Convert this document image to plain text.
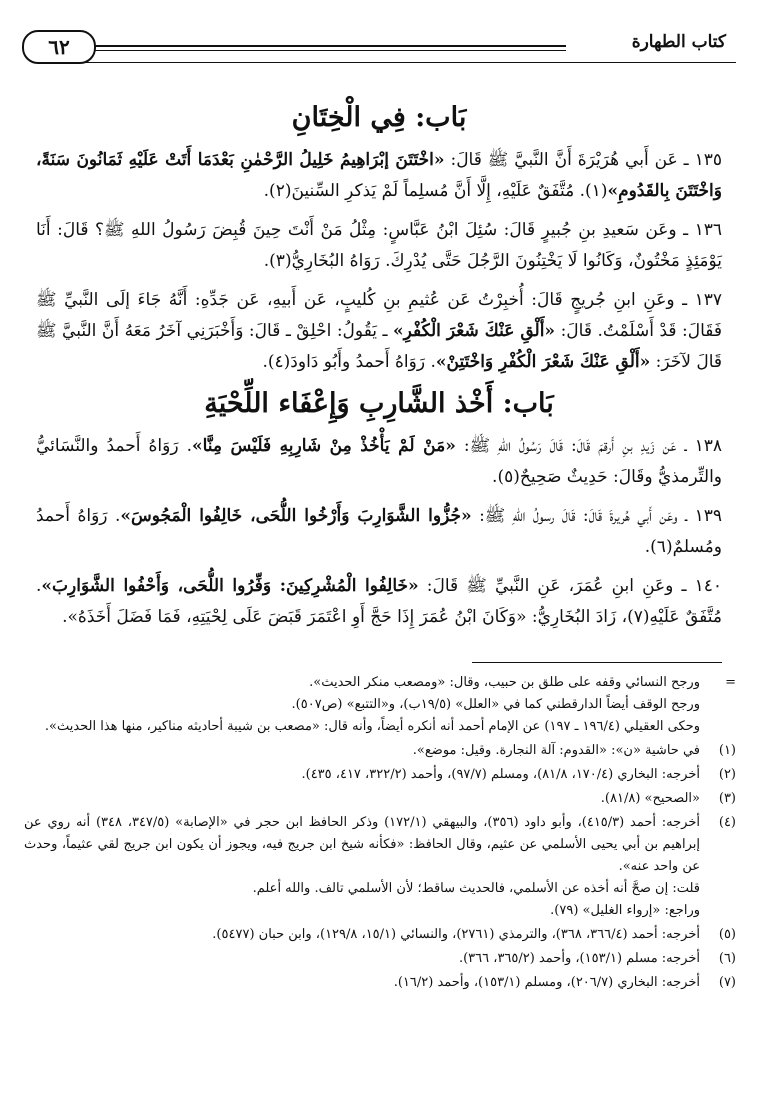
كتاب الطهارة
٦٢
بَاب: فِي الْخِتَانِ

١٣٥ ـ عَن أَبي هُرَيْرَةَ أَنَّ النَّبيَّ ﷺ قَالَ: «اخْتَتَنَ إبْرَاهِيمُ خَلِيلُ الرَّحْمٰنِ بَعْدَمَا أَتَتْ عَلَيْهِ ثَمَانُونَ سَنَةً، وَاخْتَتَنَ بِالقَدُومِ»(١). مُتَّفَقٌ عَلَيْهِ، إِلَّا أَنَّ مُسلِماً لَمْ يَذكرِ السِّنينَ(٢).

١٣٦ ـ وعَن سَعيدِ بنِ جُبيرٍ قَالَ: سُئِلَ ابْنُ عَبَّاسٍ: مِثْلُ مَنْ أَنْتَ حِينَ قُبِضَ رَسُولُ اللهِ ﷺ؟ قَالَ: أَنَا يَوْمَئِذٍ مَخْتُونٌ، وَكَانُوا لَا يَخْتِنُونَ الرَّجُلَ حَتَّى يُدْرِكَ. رَوَاهُ البُخَارِيُّ(٣).

١٣٧ ـ وعَنِ ابنِ جُريجٍ قَالَ: أُخبِرْتُ عَن عُثيمِ بنِ كُليبٍ، عَن أَبيهِ، عَن جَدِّهِ: أَنَّهُ جَاءَ إلَى النَّبيِّ ﷺ فَقَالَ: قَدْ أَسْلَمْتُ. قَالَ: «أَلْقِ عَنْكَ شَعْرَ الْكُفْرِ» ـ يَقُولُ: احْلِقْ ـ قَالَ: وَأَخْبَرَنِي آخَرُ مَعَهُ أَنَّ النَّبيَّ ﷺ قَالَ لآخَرَ: «أَلْقِ عَنْكَ شَعْرَ الْكُفْرِ وَاخْتَتِنْ». رَوَاهُ أَحمدُ وأَبُو دَاودَ(٤).

بَاب: أَخْذ الشَّارِبِ وَإِعْفَاء اللِّحْيَةِ

١٣٨ ـ عَن زَيدِ بنِ أَرقمَ قَالَ: قَالَ رَسُولُ اللهِ ﷺ: «مَنْ لَمْ يَأْخُذْ مِنْ شَارِبِهِ فَلَيْسَ مِنَّا». رَوَاهُ أَحمدُ والنَّسَائيُّ والتِّرمذيُّ وقَالَ: حَدِيثٌ صَحِيحٌ(٥).

١٣٩ ـ وعَن أَبي هُريرةَ قَالَ: قَالَ رسولُ اللهِ ﷺ: «جُزُّوا الشَّوَارِبَ وَأَرْخُوا اللُّحَى، خَالِفُوا الْمَجُوسَ». رَوَاهُ أَحمدُ ومُسلمٌ(٦).

١٤٠ ـ وعَنِ ابنِ عُمَرَ، عَنِ النَّبيِّ ﷺ قَالَ: «خَالِفُوا الْمُشْرِكِينَ: وَفِّرُوا اللُّحَى، وَأَحْفُوا الشَّوَارِبَ». مُتَّفَقٌ عَلَيْهِ(٧)، زَادَ البُخَارِيُّ: «وَكَانَ ابْنُ عُمَرَ إِذَا حَجَّ أَوِ اعْتَمَرَ قَبَضَ عَلَى لِحْيَتِهِ، فَمَا فَضَلَ أَخَذَهُ».

=

ورجح النسائي وقفه على طلق بن حبيب، وقال: «ومصعب منكر الحديث».

ورجح الوقف أيضاً الدارقطني كما في «العلل» (١٩/٥ب)، و«التتبع» (ص٥٠٧).

وحكى العقيلي (١٩٦/٤ ـ ١٩٧) عن الإمام أحمد أنه أنكره أيضاً، وأنه قال: «مصعب بن شيبة أحاديثه مناكير، منها هذا الحديث».

(١)
في حاشية «ن»: «القدوم: آلة النجارة. وقيل: موضع».
(٢)
أخرجه: البخاري (١٧٠/٤، ٨١/٨)، ومسلم (٩٧/٧)، وأحمد (٣٢٢/٢، ٤١٧، ٤٣٥).
(٣)
«الصحيح» (٨١/٨).
(٤)

أخرجه: أحمد (٤١٥/٣)، وأبو داود (٣٥٦)، والبيهقي (١٧٢/١) وذكر الحافظ ابن حجر في «الإصابة» (٣٤٧/٥، ٣٤٨) أنه روي عن إبراهيم بن أبي يحيى الأسلمي عن عثيم، وقال الحافظ: «فكأنه شيخ ابن جريج فيه، ويجوز أن يكون ابن جريج لقي عثيماً، وحدث عن واحد عنه».

قلت: إن صحَّ أنه أخذه عن الأسلمي، فالحديث ساقط؛ لأن الأسلمي تالف. والله أعلم.

وراجع: «إرواء الغليل» (٧٩).

(٥)
أخرجه: أحمد (٣٦٦/٤، ٣٦٨)، والترمذي (٢٧٦١)، والنسائي (١٥/١، ١٢٩/٨)، وابن حبان (٥٤٧٧).
(٦)
أخرجه: مسلم (١٥٣/١)، وأحمد (٣٦٥/٢، ٣٦٦).
(٧)
أخرجه: البخاري (٢٠٦/٧)، ومسلم (١٥٣/١)، وأحمد (١٦/٢).
